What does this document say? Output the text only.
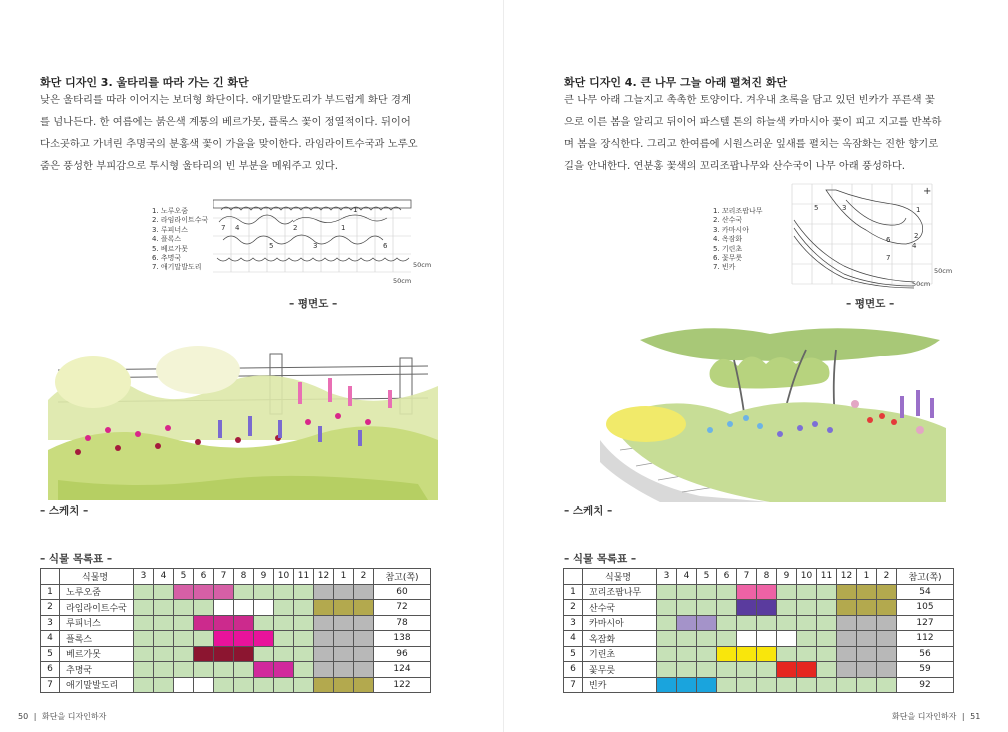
화단 디자인 3. 울타리를 따라 가는 긴 화단
낮은 울타리를 따라 이어지는 보더형 화단이다. 애기말발도리가 부드럽게 화단 경계
를 넘나든다. 한 여름에는 붉은색 계통의 베르가못, 플록스 꽃이 정열적이다. 뒤이어
다소곳하고 가녀린 추명국의 분홍색 꽃이 가을을 맞이한다. 라임라이트수국과 노루오
줌은 풍성한 부피감으로 투시형 울타리의 빈 부분을 메워주고 있다.
1. 노루오줌
2. 라임라이트수국
3. 루피너스
4. 플록스
5. 베르가못
6. 추명국
7. 애기말발도리
4	2	1
5	3	6
7
1
50cm
50cm
– 평면도 –
– 스케치 –
– 식물 목록표 –
	식물명	3	4	5	6	7	8	9	10	11	12	1	2	참고(쪽)
1	노루오줌													60
2	라임라이트수국													72
3	루피너스													78
4	플록스													138
5	베르가못													96
6	추명국													124
7	애기말발도리													122
50 | 화단을 디자인하자
화단 디자인 4. 큰 나무 그늘 아래 펼쳐진 화단
큰 나무 아래 그늘지고 촉촉한 토양이다. 겨우내 초록을 담고 있던 빈카가 푸른색 꽃
으로 이른 봄을 알리고 뒤이어 파스텔 톤의 하늘색 카마시아 꽃이 피고 지고를 반복하
며 봄을 장식한다. 그리고 한여름에 시원스러운 잎새를 펼치는 옥잠화는 진한 향기로
길을 안내한다. 연분홍 꽃색의 꼬리조팝나무와 산수국이 나무 아래 풍성하다.
1. 꼬리조팝나무
2. 산수국
3. 카마시아
4. 옥잠화
5. 기린초
6. 꽃무릇
7. 빈카
+
5	3	1
6
4
7
2
50cm
50cm
– 평면도 –
– 스케치 –
– 식물 목록표 –
	식물명	3	4	5	6	7	8	9	10	11	12	1	2	참고(쪽)
1	꼬리조팝나무													54
2	산수국													105
3	카마시아													127
4	옥잠화													112
5	기린초													56
6	꽃무릇													59
7	빈카													92
화단을 디자인하자 | 51
